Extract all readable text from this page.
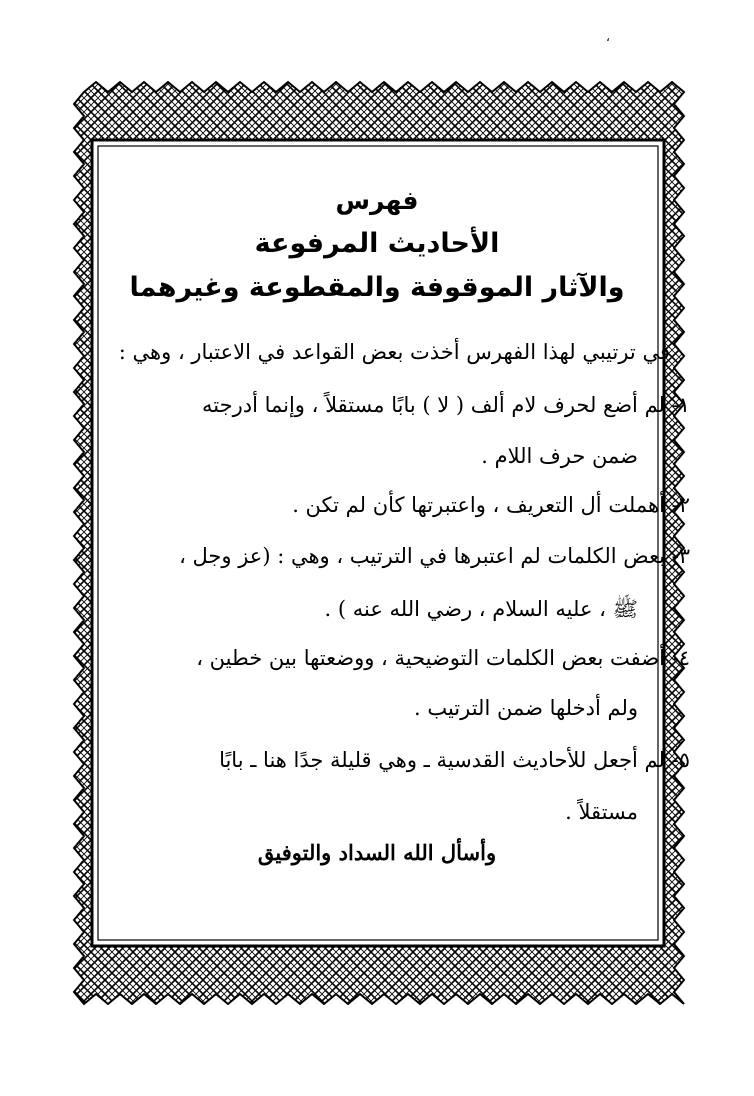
،
فهرس
الأحاديث المرفوعة
والآثار الموقوفة والمقطوعة وغيرهما
في ترتيبي لهذا الفهرس أخذت بعض القواعد في الاعتبار ، وهي :
١- لم أضع لحرف لام ألف ( لا ) بابًا مستقلاً ، وإنما أدرجته
ضمن حرف اللام .
٢- أهملت أل التعريف ، واعتبرتها كأن لم تكن .
٣- بعض الكلمات لم اعتبرها في الترتيب ، وهي : (عز وجل ،
ﷺ ، عليه السلام ، رضي الله عنه ) .
٤- أضفت بعض الكلمات التوضيحية ، ووضعتها بين خطين ،
ولم أدخلها ضمن الترتيب .
٥- لم أجعل للأحاديث القدسية ـ وهي قليلة جدًا هنا ـ بابًا
مستقلاً .
وأسأل الله السداد والتوفيق
